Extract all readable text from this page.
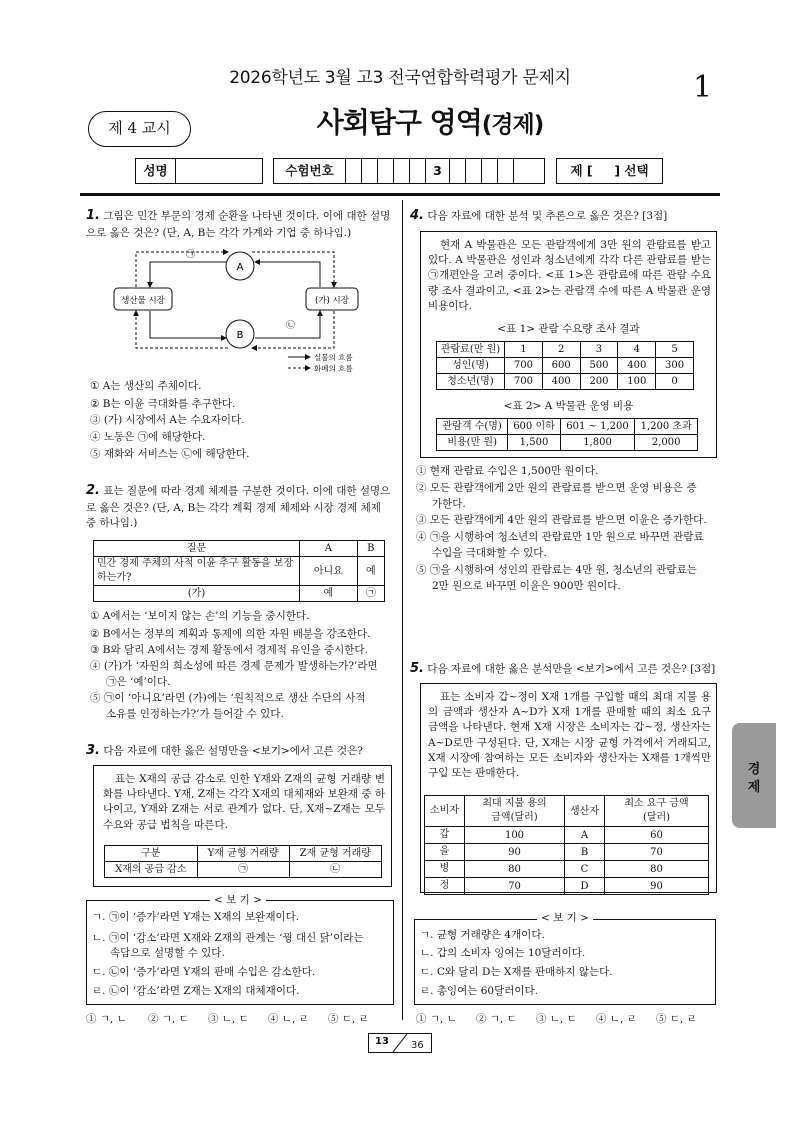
2026학년도 3월 고3 전국연합학력평가 문제지	1
제 4 교시	사회탐구 영역(경제)
성명	수험번호	3	제 [     ] 선택
1. 그림은 민간 부문의 경제 순환을 나타낸 것이다. 이에 대한 설명으로 옳은 것은? (단, A, B는 각각 가계와 기업 중 하나임.)
A
B
생산물 시장	(가) 시장
㉠
㉡
실물의 흐름
화폐의 흐름
① A는 생산의 주체이다.
② B는 이윤 극대화를 추구한다.
③ (가) 시장에서 A는 수요자이다.
④ 노동은 ㉠에 해당한다.
⑤ 재화와 서비스는 ㉡에 해당한다.
2. 표는 질문에 따라 경제 체제를 구분한 것이다. 이에 대한 설명으로 옳은 것은? (단, A, B는 각각 계획 경제 체제와 시장 경제 체제 중 하나임.)
질문	A	B
민간 경제 주체의 사적 이윤 추구 활동을 보장하는가?	아니요	예
(가)	예	㉠
① A에서는 ‘보이지 않는 손’의 기능을 중시한다.
② B에서는 정부의 계획과 통제에 의한 자원 배분을 강조한다.
③ B와 달리 A에서는 경제 활동에서 경제적 유인을 중시한다.
④ (가)가 ‘자원의 희소성에 따른 경제 문제가 발생하는가?’라면
㉠은 ‘예’이다.
⑤ ㉠이 ‘아니요’라면 (가)에는 ‘원칙적으로 생산 수단의 사적
소유를 인정하는가?’가 들어갈 수 있다.
3. 다음 자료에 대한 옳은 설명만을 <보기>에서 고른 것은?
표는 X재의 공급 감소로 인한 Y재와 Z재의 균형 거래량 변화를 나타낸다. Y재, Z재는 각각 X재의 대체재와 보완재 중 하나이고, Y재와 Z재는 서로 관계가 없다. 단, X재~Z재는 모두 수요와 공급 법칙을 따른다.
구분	Y재 균형 거래량	Z재 균형 거래량
X재의 공급 감소	㉠	㉡
< 보 기 >
ㄱ. ㉠이 ‘증가’라면 Y재는 X재의 보완재이다.
ㄴ. ㉠이 ‘감소’라면 X재와 Z재의 관계는 ‘꿩 대신 닭’이라는
속담으로 설명할 수 있다.
ㄷ. ㉡이 ‘증가’라면 Y재의 판매 수입은 감소한다.
ㄹ. ㉡이 ‘감소’라면 Z재는 X재의 대체재이다.
① ㄱ, ㄴ ② ㄱ, ㄷ ③ ㄴ, ㄷ ④ ㄴ, ㄹ ⑤ ㄷ, ㄹ
4. 다음 자료에 대한 분석 및 추론으로 옳은 것은? [3점]
현재 A 박물관은 모든 관람객에게 3만 원의 관람료를 받고 있다. A 박물관은 성인과 청소년에게 각각 다른 관람료를 받는 ㉠개편안을 고려 중이다. <표 1>은 관람료에 따른 관람 수요량 조사 결과이고, <표 2>는 관람객 수에 따른 A 박물관 운영 비용이다.
<표 1> 관람 수요량 조사 결과
관람료(만 원)	1	2	3	4	5
성인(명)	700	600	500	400	300
청소년(명)	700	400	200	100	0
<표 2> A 박물관 운영 비용
관람객 수(명)	600 이하	601 ~ 1,200	1,200 초과
비용(만 원)	1,500	1,800	2,000
① 현재 관람료 수입은 1,500만 원이다.
② 모든 관람객에게 2만 원의 관람료를 받으면 운영 비용은 증
가한다.
③ 모든 관람객에게 4만 원의 관람료를 받으면 이윤은 증가한다.
④ ㉠을 시행하여 청소년의 관람료만 1만 원으로 바꾸면 관람료
수입을 극대화할 수 있다.
⑤ ㉠을 시행하여 성인의 관람료는 4만 원, 청소년의 관람료는
2만 원으로 바꾸면 이윤은 900만 원이다.
5. 다음 자료에 대한 옳은 분석만을 <보기>에서 고른 것은? [3점]
표는 소비자 갑~정이 X재 1개를 구입할 때의 최대 지불 용의 금액과 생산자 A~D가 X재 1개를 판매할 때의 최소 요구 금액을 나타낸다. 현재 X재 시장은 소비자는 갑~정, 생산자는 A~D로만 구성된다. 단, X재는 시장 균형 가격에서 거래되고, X재 시장에 참여하는 모든 소비자와 생산자는 X재를 1개씩만 구입 또는 판매한다.
소비자	최대 지불 용의 금액(달러)	생산자	최소 요구 금액(달러)
갑	100	A	60
을	90	B	70
병	80	C	80
정	70	D	90
< 보 기 >
ㄱ. 균형 거래량은 4개이다.
ㄴ. 갑의 소비자 잉여는 10달러이다.
ㄷ. C와 달리 D는 X재를 판매하지 않는다.
ㄹ. 총잉여는 60달러이다.
① ㄱ, ㄴ ② ㄱ, ㄷ ③ ㄴ, ㄷ ④ ㄴ, ㄹ ⑤ ㄷ, ㄹ
경제
13 36
